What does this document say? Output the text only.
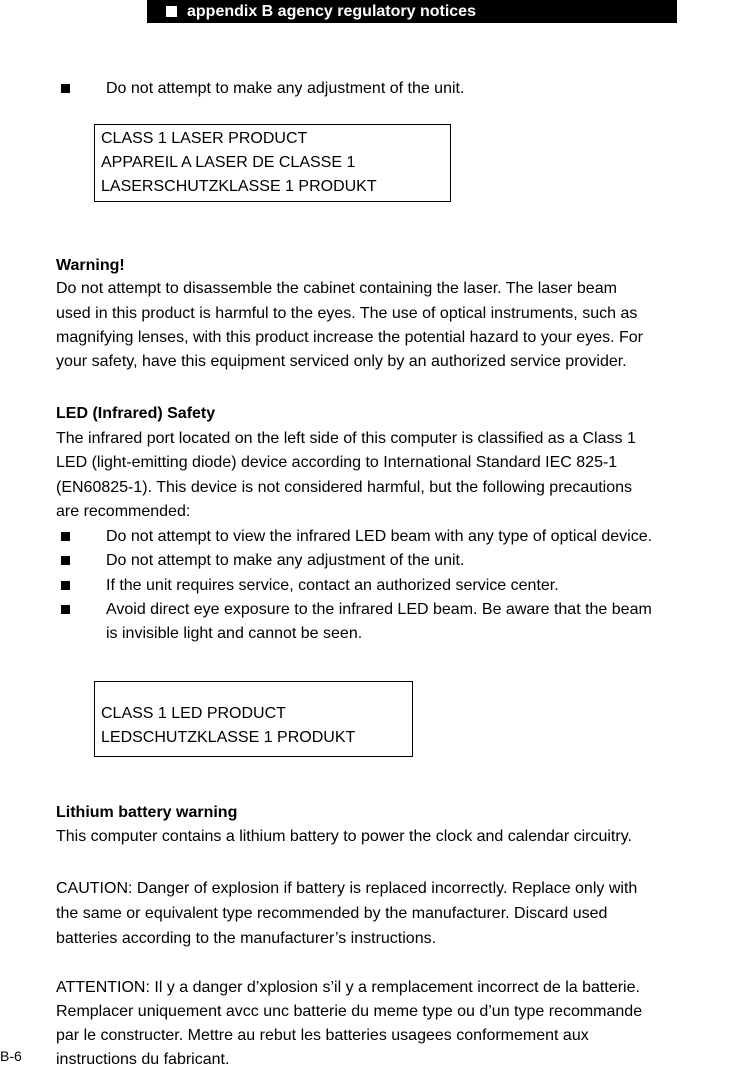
appendix B agency regulatory notices
Do not attempt to make any adjustment of the unit.
CLASS 1 LASER PRODUCT
APPAREIL A LASER DE CLASSE 1
LASERSCHUTZKLASSE 1 PRODUKT
Warning!
Do not attempt to disassemble the cabinet containing the laser. The laser beam
used in this product is harmful to the eyes. The use of optical instruments, such as
magnifying lenses, with this product increase the potential hazard to your eyes. For
your safety, have this equipment serviced only by an authorized service provider.
LED (Infrared) Safety
The infrared port located on the left side of this computer is classified as a Class 1
LED (light-emitting diode) device according to International Standard IEC 825-1
(EN60825-1). This device is not considered harmful, but the following precautions
are recommended:
Do not attempt to view the infrared LED beam with any type of optical device.
Do not attempt to make any adjustment of the unit.
If the unit requires service, contact an authorized service center.
Avoid direct eye exposure to the infrared LED beam. Be aware that the beam
is invisible light and cannot be seen.
CLASS 1 LED PRODUCT
LEDSCHUTZKLASSE 1 PRODUKT
Lithium battery warning
This computer contains a lithium battery to power the clock and calendar circuitry.
CAUTION: Danger of explosion if battery is replaced incorrectly. Replace only with
the same or equivalent type recommended by the manufacturer. Discard used
batteries according to the manufacturer’s instructions.
ATTENTION: Il y a danger d’xplosion s’il y a remplacement incorrect de la batterie.
Remplacer uniquement avcc unc batterie du meme type ou d’un type recommande
par le constructer. Mettre au rebut les batteries usagees conformement aux
instructions du fabricant.
B-6
